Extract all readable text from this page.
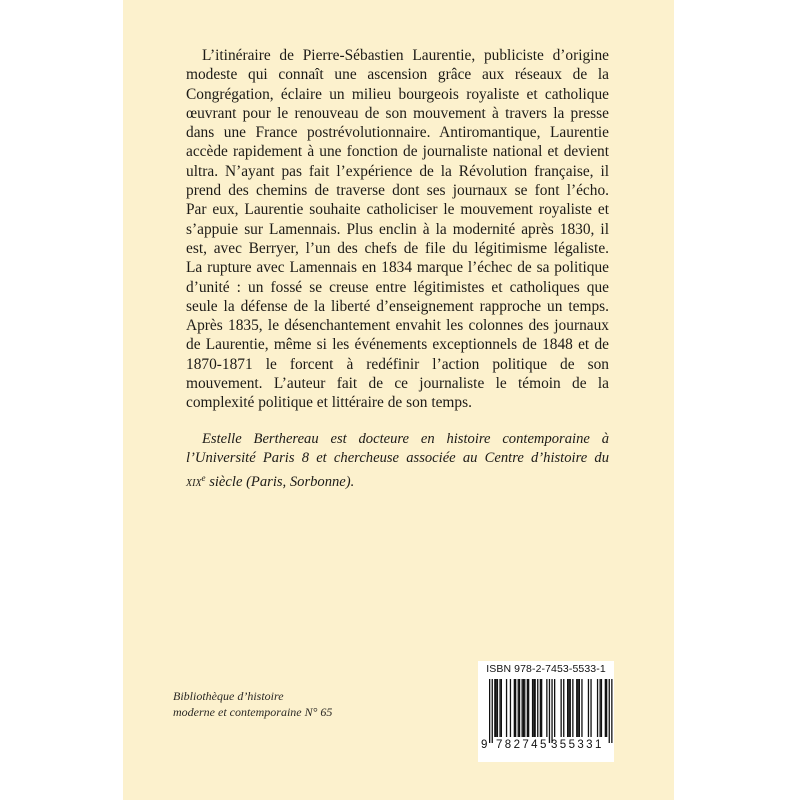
L’itinéraire de Pierre-Sébastien Laurentie, publiciste d’origine
modeste qui connaît une ascension grâce aux réseaux de la
Congrégation, éclaire un milieu bourgeois royaliste et catholique
œuvrant pour le renouveau de son mouvement à travers la presse
dans une France postrévolutionnaire. Antiromantique, Laurentie
accède rapidement à une fonction de journaliste national et devient
ultra. N’ayant pas fait l’expérience de la Révolution française, il
prend des chemins de traverse dont ses journaux se font l’écho.
Par eux, Laurentie souhaite catholiciser le mouvement royaliste et
s’appuie sur Lamennais. Plus enclin à la modernité après 1830, il
est, avec Berryer, l’un des chefs de file du légitimisme légaliste.
La rupture avec Lamennais en 1834 marque l’échec de sa politique
d’unité : un fossé se creuse entre légitimistes et catholiques que
seule la défense de la liberté d’enseignement rapproche un temps.
Après 1835, le désenchantement envahit les colonnes des journaux
de Laurentie, même si les événements exceptionnels de 1848 et de
1870-1871 le forcent à redéfinir l’action politique de son
mouvement. L’auteur fait de ce journaliste le témoin de la
complexité politique et littéraire de son temps.
Estelle Berthereau est docteure en histoire contemporaine à
l’Université Paris 8 et chercheuse associée au Centre d’histoire du
xix$^e$ siècle (Paris, Sorbonne).
Bibliothèque d’histoire
moderne et contemporaine N° 65
ISBN 978-2-7453-5533-1
9 782745 355331
